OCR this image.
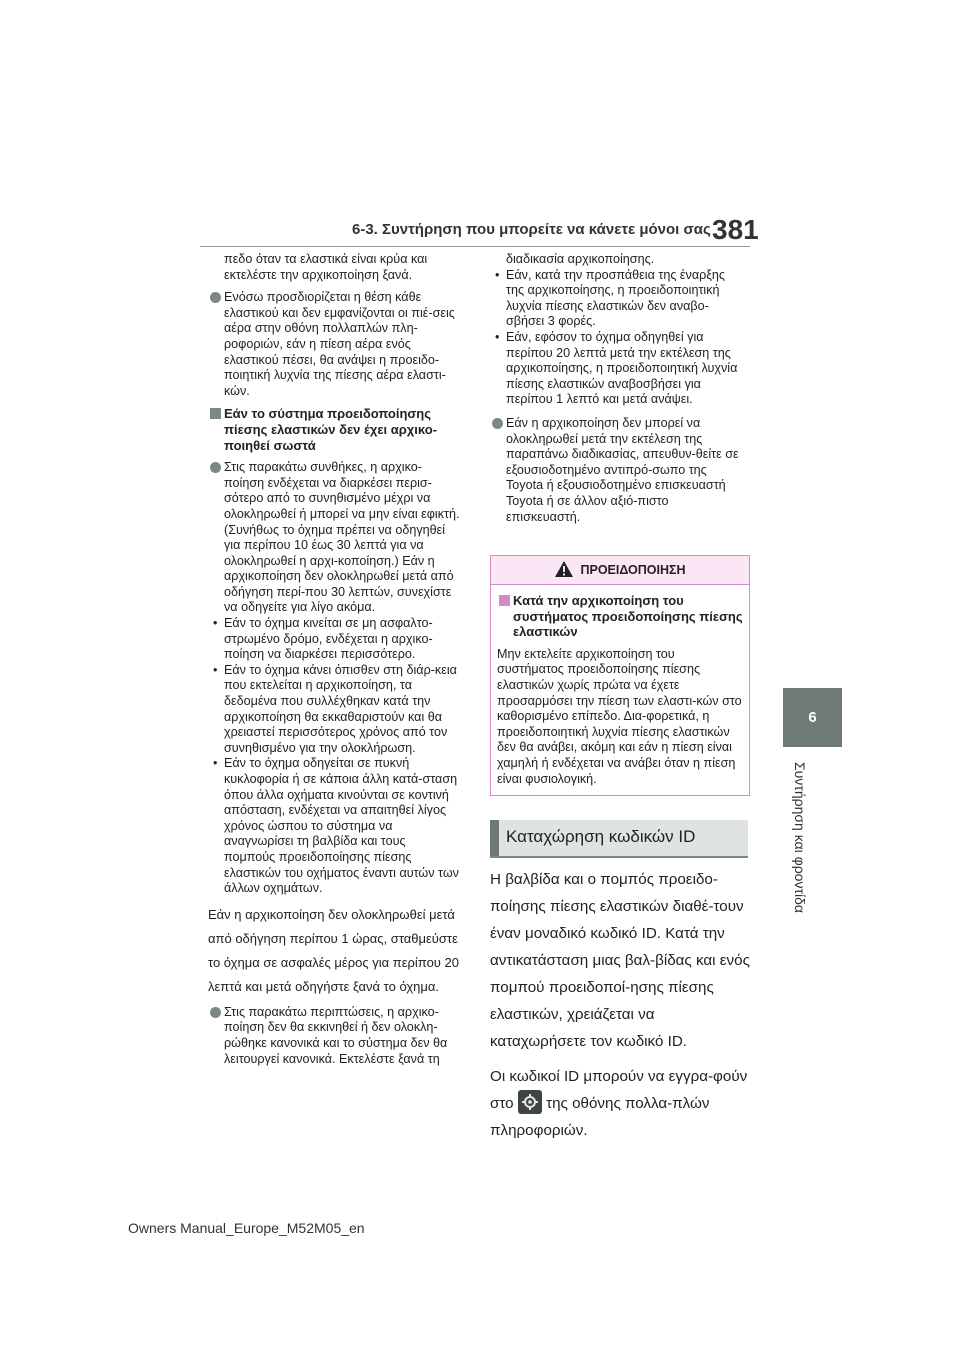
6-3. Συντήρηση που μπορείτε να κάνετε μόνοι σας 381
6
Συντήρηση και φροντίδα

πεδο όταν τα ελαστικά είναι κρύα και εκτελέστε την αρχικοποίηση ξανά.

Ενόσω προσδιορίζεται η θέση κάθε ελαστικού και δεν εμφανίζονται οι πιέ-σεις αέρα στην οθόνη πολλαπλών πλη-ροφοριών, εάν η πίεση αέρα ενός ελαστικού πέσει, θα ανάψει η προειδο-ποιητική λυχνία της πίεσης αέρα ελαστι-κών.
Εάν το σύστημα προειδοποίησης πίεσης ελαστικών δεν έχει αρχικο-ποιηθεί σωστά
Στις παρακάτω συνθήκες, η αρχικο-ποίηση ενδέχεται να διαρκέσει περισ-σότερο από το συνηθισμένο μέχρι να ολοκληρωθεί ή μπορεί να μην είναι εφικτή. (Συνήθως το όχημα πρέπει να οδηγηθεί για περίπου 10 έως 30 λεπτά για να ολοκληρωθεί η αρχι-κοποίηση.) Εάν η αρχικοποίηση δεν ολοκληρωθεί μετά από οδήγηση περί-που 30 λεπτών, συνεχίστε να οδηγείτε για λίγο ακόμα.
• Εάν το όχημα κινείται σε μη ασφαλτο-στρωμένο δρόμο, ενδέχεται η αρχικο-ποίηση να διαρκέσει περισσότερο.
• Εάν το όχημα κάνει όπισθεν στη διάρ-κεια που εκτελείται η αρχικοποίηση, τα δεδομένα που συλλέχθηκαν κατά την αρχικοποίηση θα εκκαθαριστούν και θα χρειαστεί περισσότερος χρόνος από τον συνηθισμένο για την ολοκλήρωση.
• Εάν το όχημα οδηγείται σε πυκνή κυκλοφορία ή σε κάποια άλλη κατά-σταση όπου άλλα οχήματα κινούνται σε κοντινή απόσταση, ενδέχεται να απαιτηθεί λίγος χρόνος ώσπου το σύστημα να αναγνωρίσει τη βαλβίδα και τους πομπούς προειδοποίησης πίεσης ελαστικών του οχήματος έναντι αυτών των άλλων οχημάτων.

Εάν η αρχικοποίηση δεν ολοκληρωθεί μετά από οδήγηση περίπου 1 ώρας, σταθμεύστε το όχημα σε ασφαλές μέρος για περίπου 20 λεπτά και μετά οδηγήστε ξανά το όχημα.

Στις παρακάτω περιπτώσεις, η αρχικο-ποίηση δεν θα εκκινηθεί ή δεν ολοκλη-ρώθηκε κανονικά και το σύστημα δεν θα λειτουργεί κανονικά. Εκτελέστε ξανά τη

διαδικασία αρχικοποίησης.

• Εάν, κατά την προσπάθεια της έναρξης της αρχικοποίησης, η προειδοποιητική λυχνία πίεσης ελαστικών δεν αναβο-σβήσει 3 φορές.
• Εάν, εφόσον το όχημα οδηγηθεί για περίπου 20 λεπτά μετά την εκτέλεση της αρχικοποίησης, η προειδοποιητική λυχνία πίεσης ελαστικών αναβοσβήσει για περίπου 1 λεπτό και μετά ανάψει.
Εάν η αρχικοποίηση δεν μπορεί να ολοκληρωθεί μετά την εκτέλεση της παραπάνω διαδικασίας, απευθυν-θείτε σε εξουσιοδοτημένο αντιπρό-σωπο της Toyota ή εξουσιοδοτημένο επισκευαστή Toyota ή σε άλλον αξιό-πιστο επισκευαστή.
ΠΡΟΕΙΔΟΠΟΙΗΣΗ
Κατά την αρχικοποίηση του συστήματος προειδοποίησης πίεσης ελαστικών

Μην εκτελείτε αρχικοποίηση του συστήματος προειδοποίησης πίεσης ελαστικών χωρίς πρώτα να έχετε προσαρμόσει την πίεση των ελαστι-κών στο καθορισμένο επίπεδο. Δια-φορετικά, η προειδοποιητική λυχνία πίεσης ελαστικών δεν θα ανάβει, ακόμη και εάν η πίεση είναι χαμηλή ή ενδέχεται να ανάβει όταν η πίεση είναι φυσιολογική.

Καταχώρηση κωδικών ID

Η βαλβίδα και ο πομπός προειδο-ποίησης πίεσης ελαστικών διαθέ-τουν έναν μοναδικό κωδικό ID. Κατά την αντικατάσταση μιας βαλ-βίδας και ενός πομπού προειδοποί-ησης πίεσης ελαστικών, χρειάζεται να καταχωρήσετε τον κωδικό ID.

Οι κωδικοί ID μπορούν να εγγρα-φούν στο της οθόνης πολλα-πλών πληροφοριών.

Owners Manual_Europe_M52M05_en
